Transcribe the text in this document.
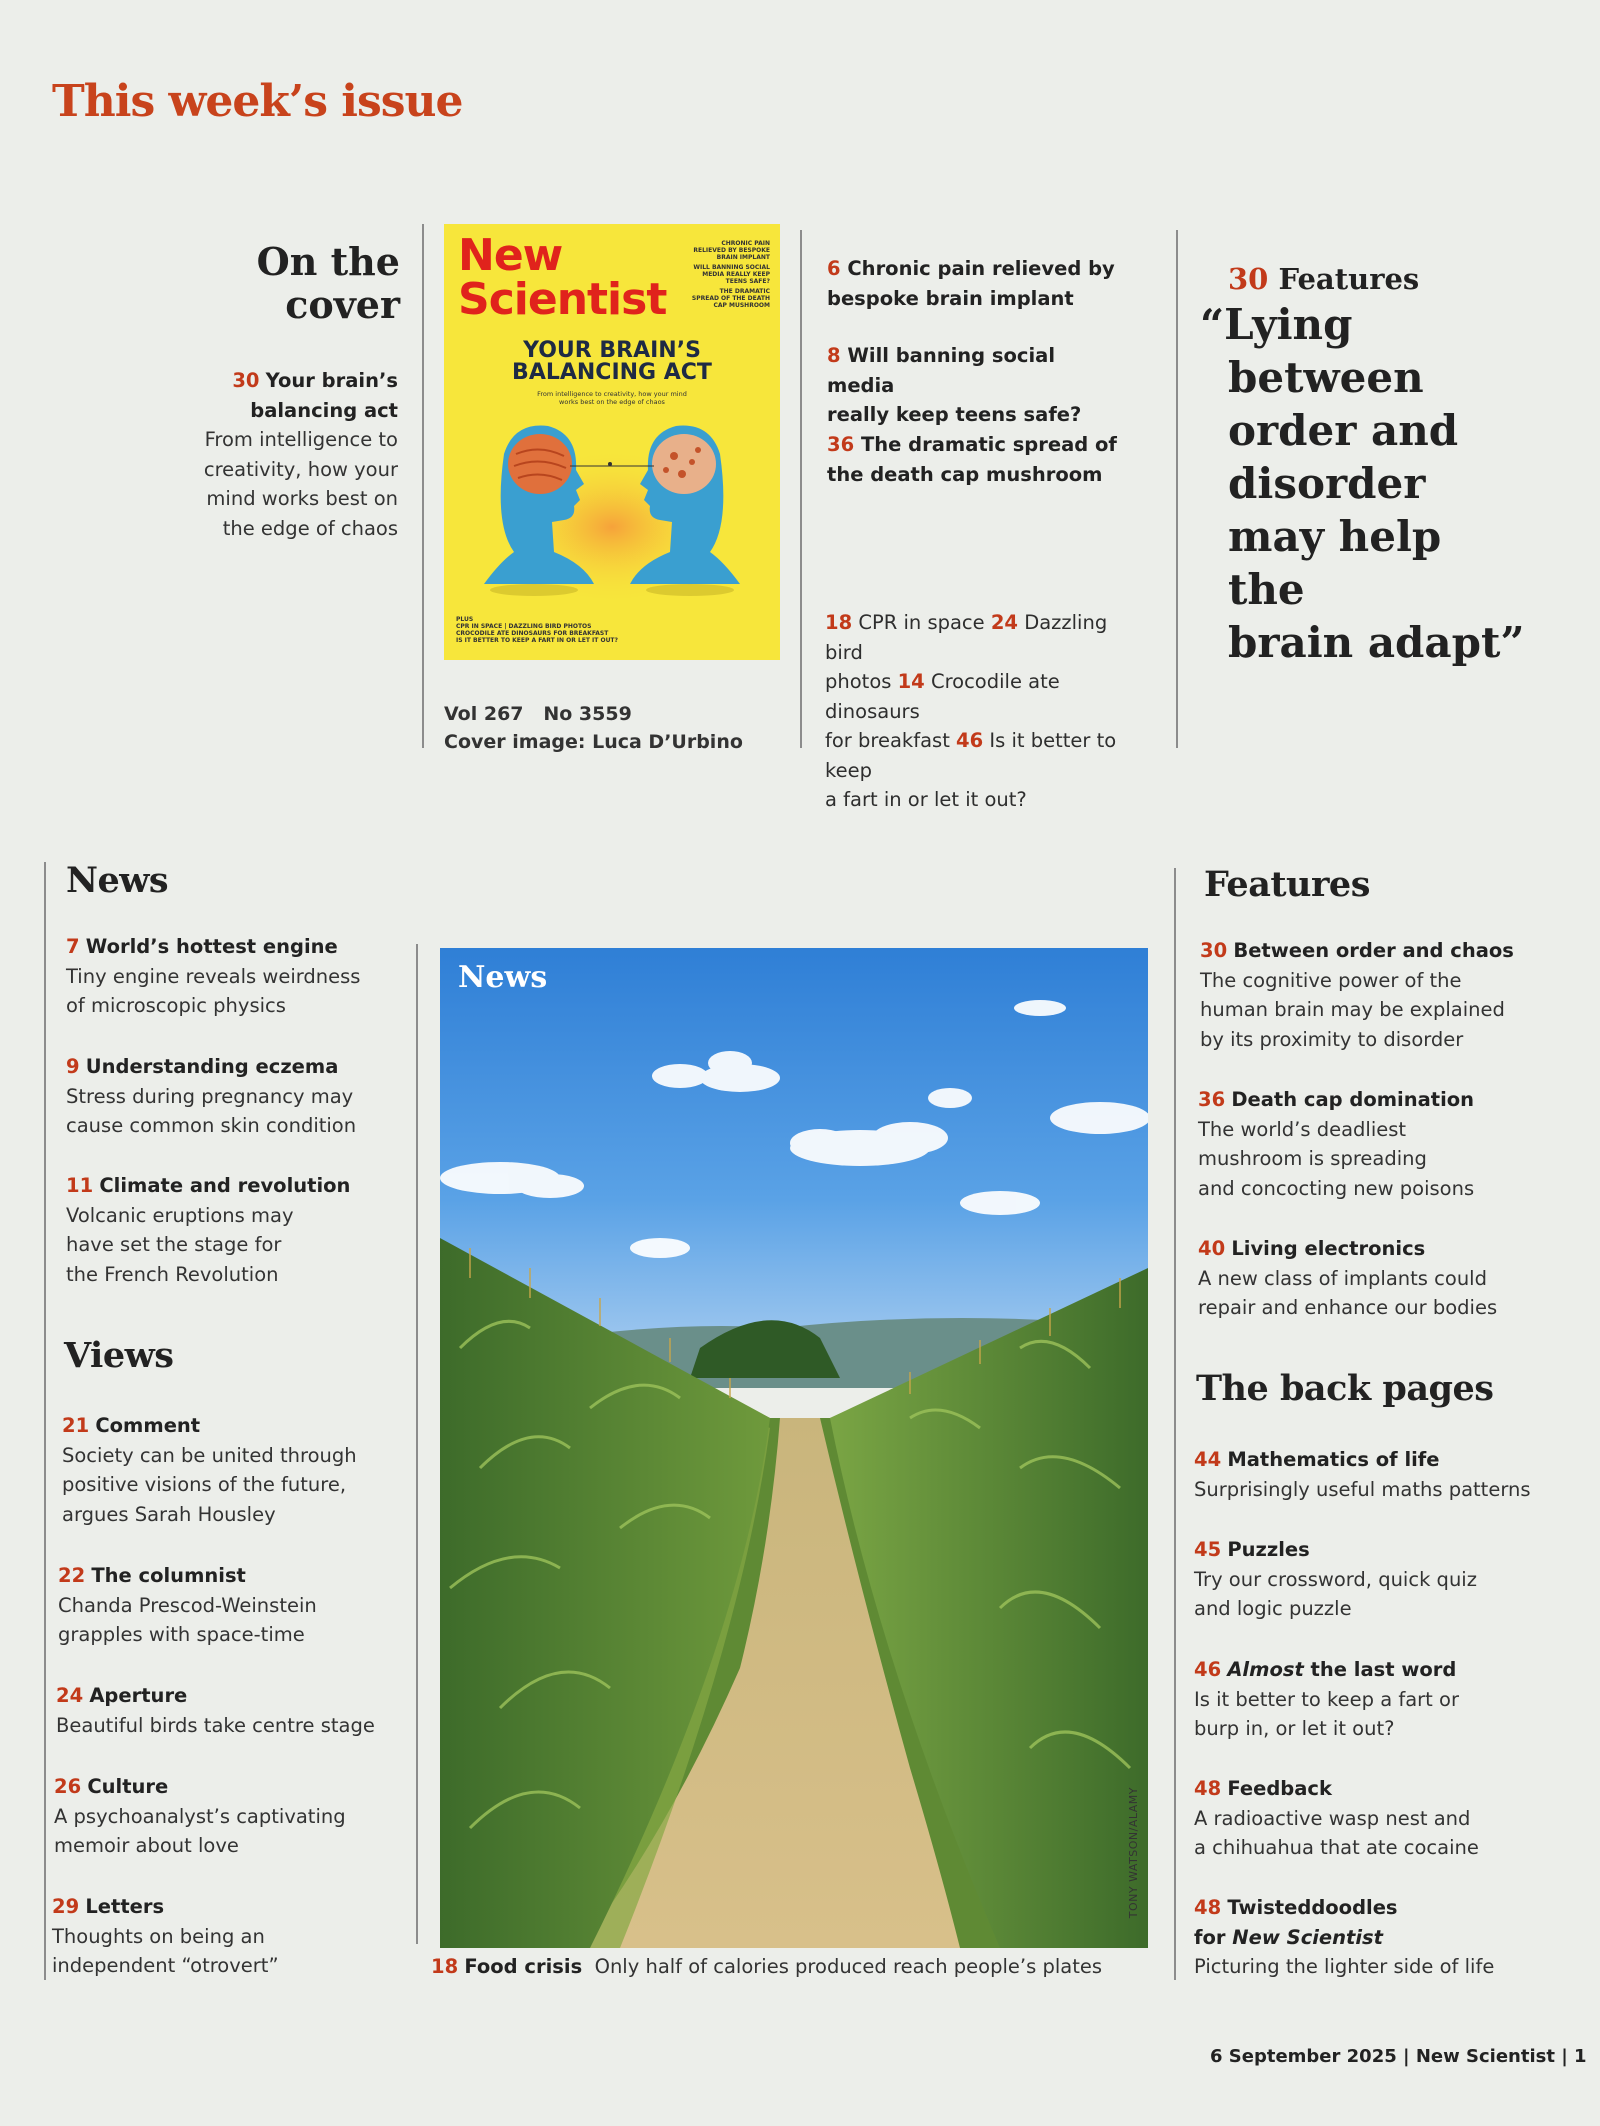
This week’s issue
On the
cover
30 Your brain’s
balancing act
From intelligence to
creativity, how your
mind works best on
the edge of chaos
New
Scientist
CHRONIC PAIN
RELIEVED BY BESPOKE
BRAIN IMPLANT
WILL BANNING SOCIAL
MEDIA REALLY KEEP
TEENS SAFE?
THE DRAMATIC
SPREAD OF THE DEATH
CAP MUSHROOM
YOUR BRAIN’S
BALANCING ACT
From intelligence to creativity, how your mind
works best on the edge of chaos
PLUS
CPR IN SPACE | DAZZLING BIRD PHOTOS
CROCODILE ATE DINOSAURS FOR BREAKFAST
IS IT BETTER TO KEEP A FART IN OR LET IT OUT?
Vol 267   No 3559
Cover image: Luca D’Urbino
6 Chronic pain relieved by
bespoke brain implant
8 Will banning social media
really keep teens safe?
36 The dramatic spread of
the death cap mushroom
18 CPR in space 24 Dazzling bird
photos 14 Crocodile ate dinosaurs
for breakfast 46 Is it better to keep
a fart in or let it out?
30 Features
“Lying
between
order and
disorder
may help the
brain adapt”
News
7 World’s hottest engine
Tiny engine reveals weirdness
of microscopic physics
9 Understanding eczema
Stress during pregnancy may
cause common skin condition
11 Climate and revolution
Volcanic eruptions may
have set the stage for
the French Revolution
Views
21 Comment
Society can be united through
positive visions of the future,
argues Sarah Housley
22 The columnist
Chanda Prescod-Weinstein
grapples with space-time
24 Aperture
Beautiful birds take centre stage
26 Culture
A psychoanalyst’s captivating
memoir about love
29 Letters
Thoughts on being an
independent “otrovert”
News
TONY WATSON/ALAMY
18 Food crisis Only half of calories produced reach people’s plates
Features
30 Between order and chaos
The cognitive power of the
human brain may be explained
by its proximity to disorder
36 Death cap domination
The world’s deadliest
mushroom is spreading
and concocting new poisons
40 Living electronics
A new class of implants could
repair and enhance our bodies
The back pages
44 Mathematics of life
Surprisingly useful maths patterns
45 Puzzles
Try our crossword, quick quiz
and logic puzzle
46 Almost the last word
Is it better to keep a fart or
burp in, or let it out?
48 Feedback
A radioactive wasp nest and
a chihuahua that ate cocaine
48 Twisteddoodles
for New Scientist
Picturing the lighter side of life
6 September 2025 | New Scientist | 1
